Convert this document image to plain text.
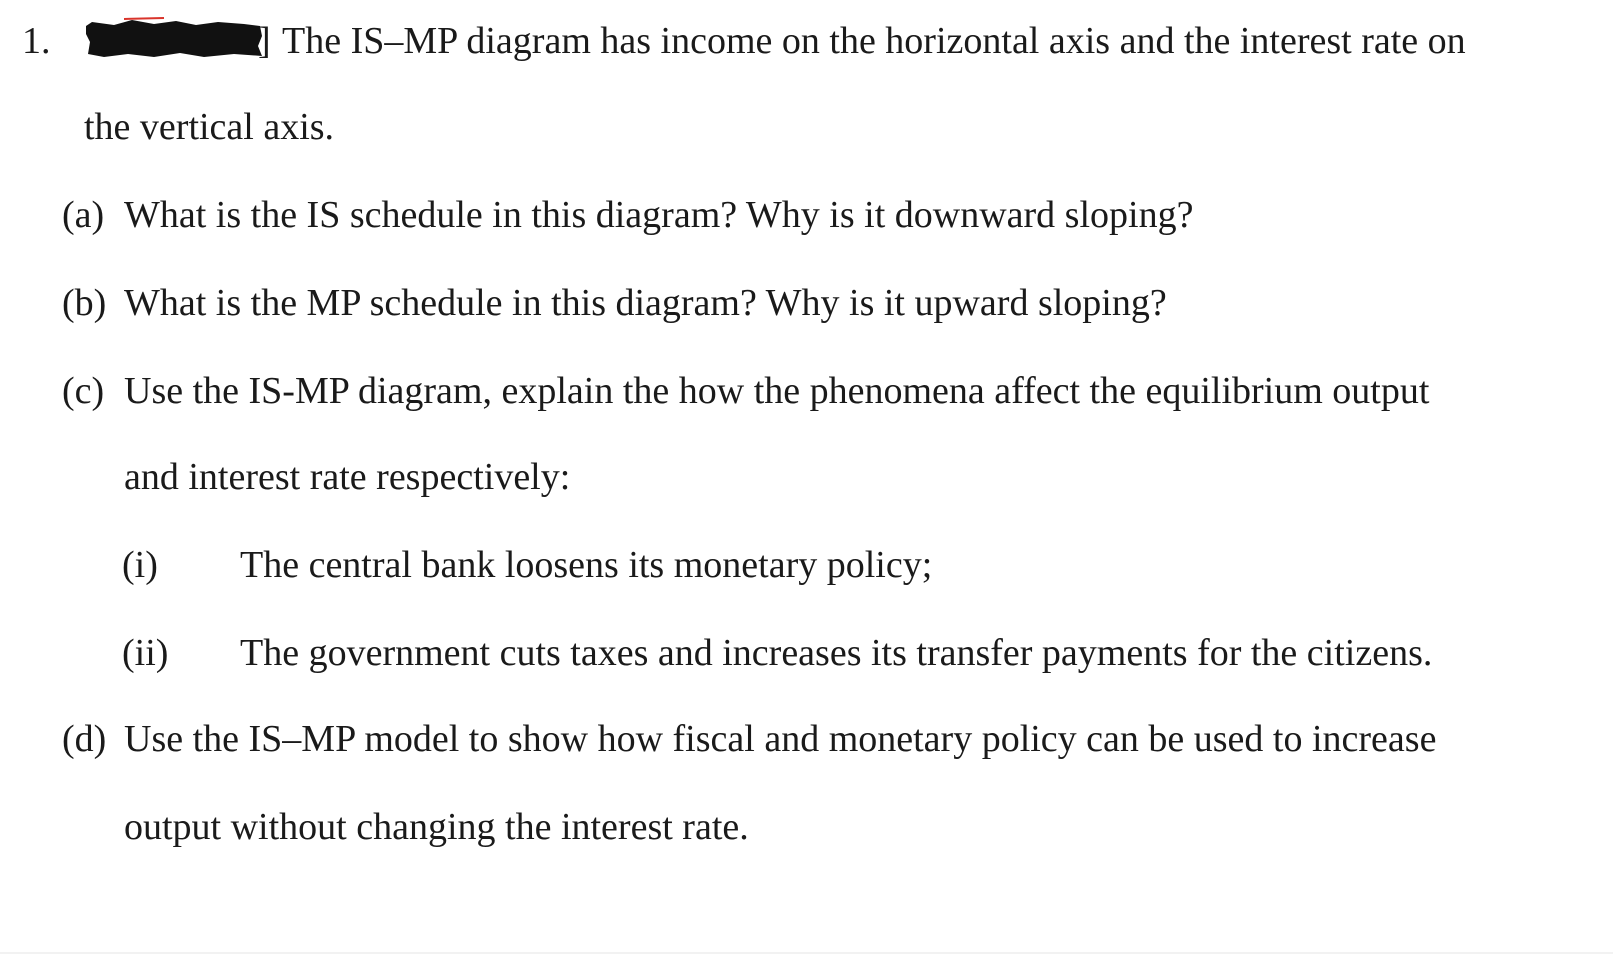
1.	] The IS–MP diagram has income on the horizontal axis and the interest rate on
the vertical axis.
(a) What is the IS schedule in this diagram? Why is it downward sloping?
(b) What is the MP schedule in this diagram? Why is it upward sloping?
(c) Use the IS-MP diagram, explain the how the phenomena affect the equilibrium output
and interest rate respectively:
(i) The central bank loosens its monetary policy;
(ii) The government cuts taxes and increases its transfer payments for the citizens.
(d) Use the IS–MP model to show how fiscal and monetary policy can be used to increase
output without changing the interest rate.
